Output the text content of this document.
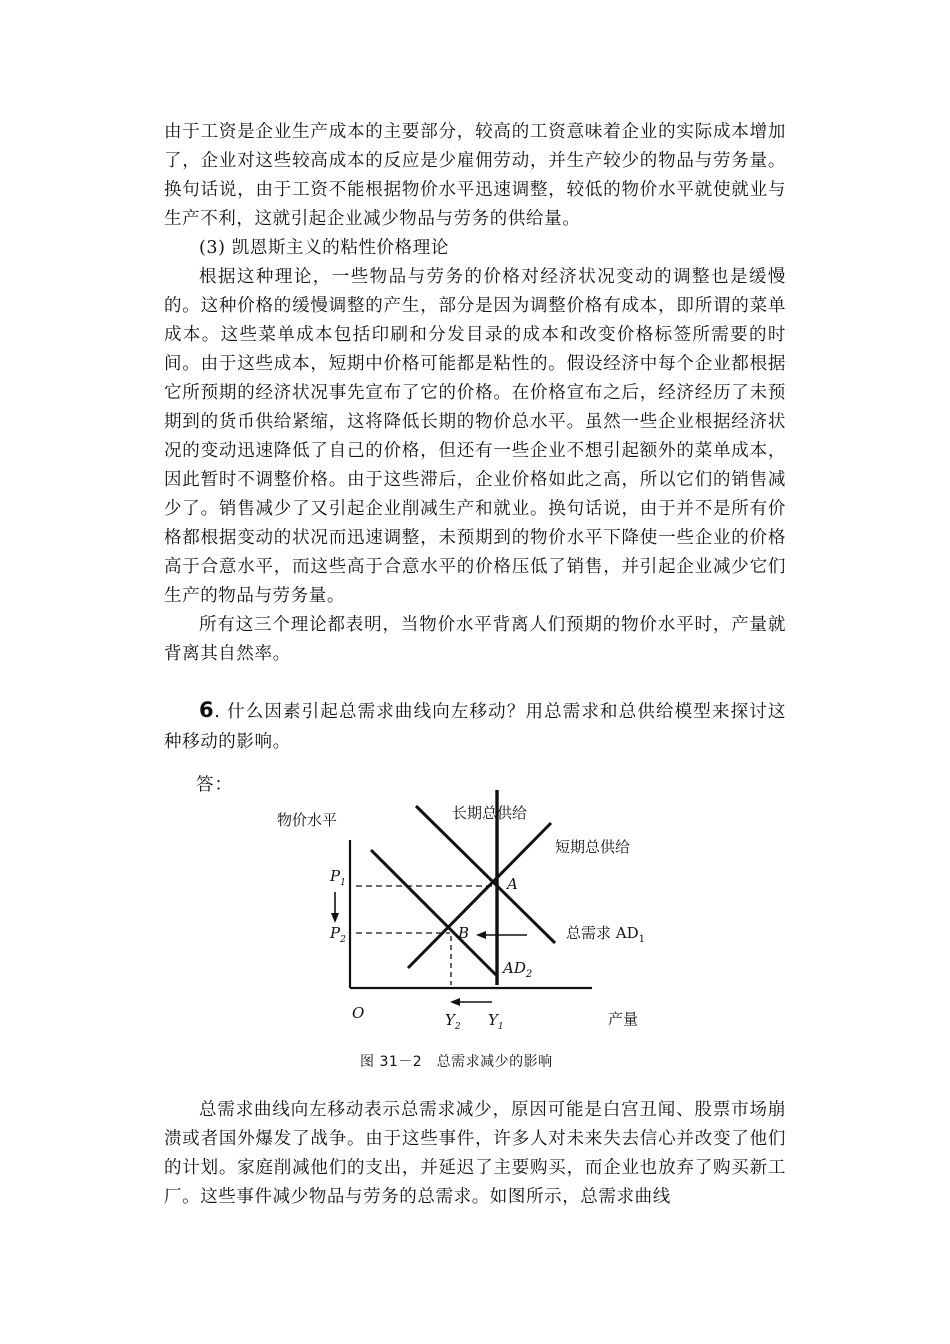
由于工资是企业生产成本的主要部分，较高的工资意味着企业的实际成本增加了，企业对这些较高成本的反应是少雇佣劳动，并生产较少的物品与劳务量。换句话说，由于工资不能根据物价水平迅速调整，较低的物价水平就使就业与生产不利，这就引起企业减少物品与劳务的供给量。

(3) 凯恩斯主义的粘性价格理论

根据这种理论，一些物品与劳务的价格对经济状况变动的调整也是缓慢的。这种价格的缓慢调整的产生，部分是因为调整价格有成本，即所谓的菜单成本。这些菜单成本包括印刷和分发目录的成本和改变价格标签所需要的时间。由于这些成本，短期中价格可能都是粘性的。假设经济中每个企业都根据它所预期的经济状况事先宣布了它的价格。在价格宣布之后，经济经历了未预期到的货币供给紧缩，这将降低长期的物价总水平。虽然一些企业根据经济状况的变动迅速降低了自己的价格，但还有一些企业不想引起额外的菜单成本，因此暂时不调整价格。由于这些滞后，企业价格如此之高，所以它们的销售减少了。销售减少了又引起企业削减生产和就业。换句话说，由于并不是所有价格都根据变动的状况而迅速调整，未预期到的物价水平下降使一些企业的价格高于合意水平，而这些高于合意水平的价格压低了销售，并引起企业减少它们生产的物品与劳务量。

所有这三个理论都表明，当物价水平背离人们预期的物价水平时，产量就背离其自然率。

6. 什么因素引起总需求曲线向左移动？用总需求和总供给模型来探讨这种移动的影响。
答：
物价水平	长期总供给
短期总供给
总需求 $AD_1$
$AD_2$
A
B
$P_1$
$P_2$
O	$Y_2$ $Y_1$	产量
图 31－2　总需求减少的影响

总需求曲线向左移动表示总需求减少，原因可能是白宫丑闻、股票市场崩溃或者国外爆发了战争。由于这些事件，许多人对未来失去信心并改变了他们的计划。家庭削减他们的支出，并延迟了主要购买，而企业也放弃了购买新工厂。这些事件减少物品与劳务的总需求。如图所示，总需求曲线
